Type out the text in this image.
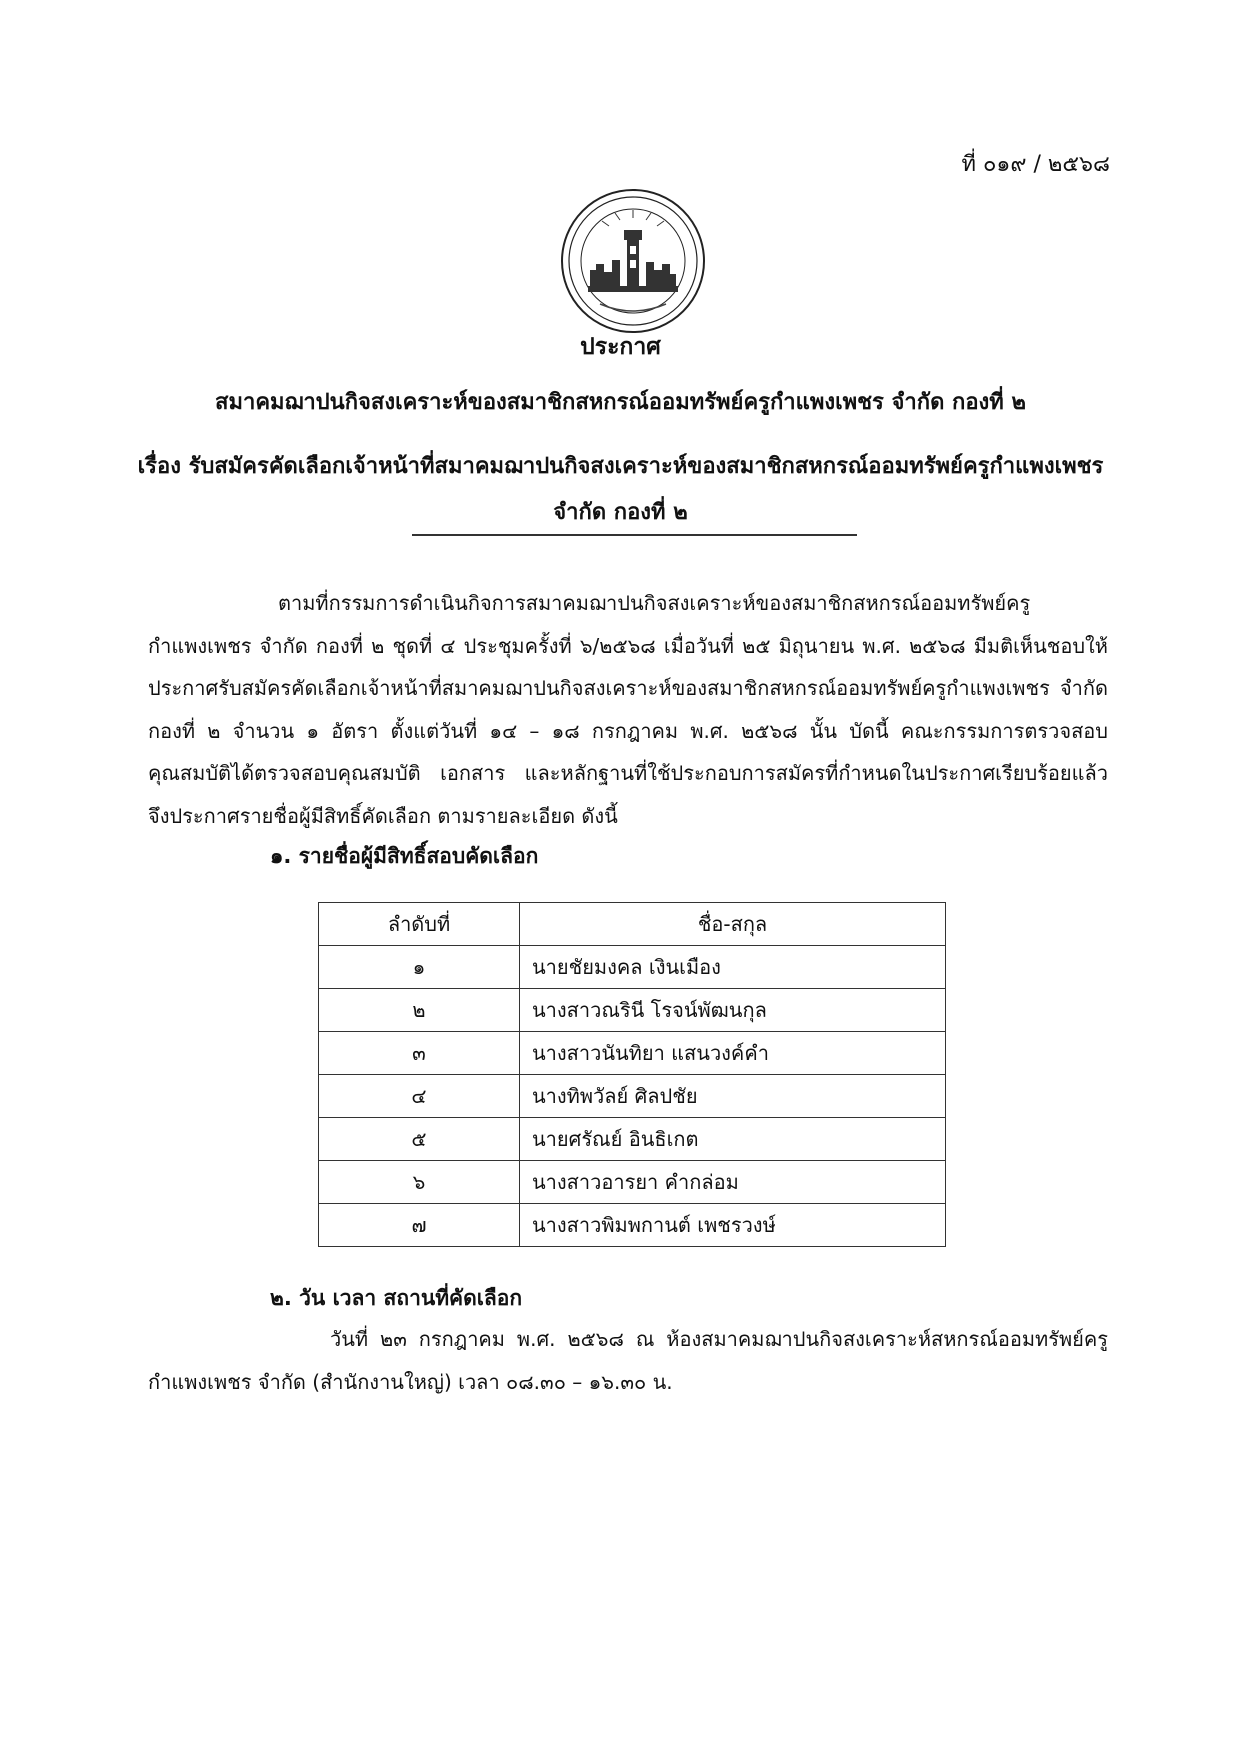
ที่ ๐๑๙ / ๒๕๖๘
ประกาศ
สมาคมฌาปนกิจสงเคราะห์ของสมาชิกสหกรณ์ออมทรัพย์ครูกำแพงเพชร จำกัด กองที่ ๒
เรื่อง รับสมัครคัดเลือกเจ้าหน้าที่สมาคมฌาปนกิจสงเคราะห์ของสมาชิกสหกรณ์ออมทรัพย์ครูกำแพงเพชร
จำกัด กองที่ ๒

ตามที่กรรมการดำเนินกิจการสมาคมฌาปนกิจสงเคราะห์ของสมาชิกสหกรณ์ออมทรัพย์ครูกำแพงเพชร จำกัด กองที่ ๒ ชุดที่ ๔ ประชุมครั้งที่ ๖/๒๕๖๘ เมื่อวันที่ ๒๕ มิถุนายน พ.ศ. ๒๕๖๘ มีมติเห็นชอบให้ประกาศรับสมัครคัดเลือกเจ้าหน้าที่สมาคมฌาปนกิจสงเคราะห์ของสมาชิกสหกรณ์ออมทรัพย์ครูกำแพงเพชร จำกัด กองที่ ๒ จำนวน ๑ อัตรา ตั้งแต่วันที่ ๑๔ – ๑๘ กรกฎาคม พ.ศ. ๒๕๖๘ นั้น บัดนี้ คณะกรรมการตรวจสอบคุณสมบัติได้ตรวจสอบคุณสมบัติ เอกสาร และหลักฐานที่ใช้ประกอบการสมัครที่กำหนดในประกาศเรียบร้อยแล้ว จึงประกาศรายชื่อผู้มีสิทธิ์คัดเลือก ตามรายละเอียด ดังนี้

๑. รายชื่อผู้มีสิทธิ์สอบคัดเลือก
ลำดับที่	ชื่อ-สกุล
๑	นายชัยมงคล เงินเมือง
๒	นางสาวณรินี โรจน์พัฒนกุล
๓	นางสาวนันทิยา แสนวงค์คำ
๔	นางทิพวัลย์ ศิลปชัย
๕	นายศรัณย์ อินธิเกต
๖	นางสาวอารยา คำกล่อม
๗	นางสาวพิมพกานต์ เพชรวงษ์
๒. วัน เวลา สถานที่คัดเลือก

วันที่ ๒๓ กรกฎาคม พ.ศ. ๒๕๖๘ ณ ห้องสมาคมฌาปนกิจสงเคราะห์สหกรณ์ออมทรัพย์ครูกำแพงเพชร จำกัด (สำนักงานใหญ่) เวลา ๐๘.๓๐ – ๑๖.๓๐ น.
